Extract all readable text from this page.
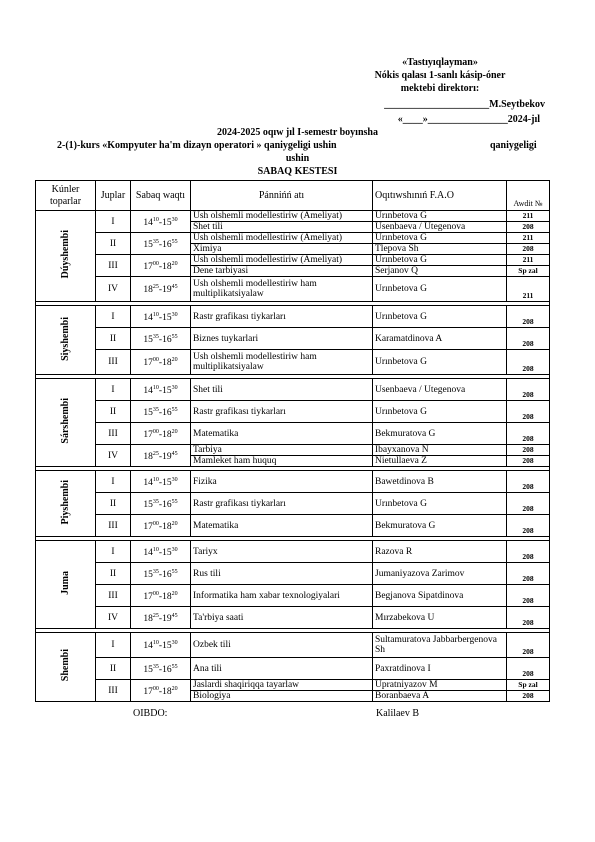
«Tastıyıqlayman»
Nókis qalası 1-sanlı kásip-óner
mektebi direktorı:
_____________________M.Seytbekov
«____»________________2024-jıl
2024-2025 oqıw jıl I-semestr boyınsha
2-(1)-kurs «Kompyuter ha'm dizayn operatori » qaniygeligi ushin	qaniygeligi
ushin
SABAQ KESTESI
Kúnler toparlar	Juplar	Sabaq waqtı	Pánnińń atı	Oqıtıwshınıń F.A.O	Awdit №
Dúyshembi	I	$14^{10}-15^{30}$	Ush olshemli modellestiriw (Ameliyat)	Urınbetova G	211
			Shet tili	Usenbaeva / Utegenova	208
	II	$15^{35}-16^{55}$	Ush olshemli modellestiriw (Ameliyat)	Urınbetova G	211
			Ximiya	Tlepova Sh	208
	III	$17^{00}-18^{20}$	Ush olshemli modellestiriw (Ameliyat)	Urınbetova G	211
			Dene tarbiyasi	Serjanov Q	Sp zal
	IV	$18^{25}-19^{45}$	Ush olshemli modellestiriw ham multiplikatsiyalaw	Urınbetova G	211

Siyshembi	I	$14^{10}-15^{30}$	Rastr grafikası tiykarları	Urınbetova G	208
	II	$15^{35}-16^{55}$	Biznes tuykarlari	Karamatdinova A	208
	III	$17^{00}-18^{20}$	Ush olshemli modellestiriw ham multiplikatsiyalaw	Urınbetova G	208

Sárshembi	I	$14^{10}-15^{30}$	Shet tili	Usenbaeva / Utegenova	208
	II	$15^{35}-16^{55}$	Rastr grafikası tiykarları	Urınbetova G	208
	III	$17^{00}-18^{20}$	Matematika	Bekmuratova G	208
	IV	$18^{25}-19^{45}$	Tarbiya	Ibayxanova N	208
			Mamleket ham huquq	Nietullaeva Z	208

Piyshembi	I	$14^{10}-15^{30}$	Fizika	Bawetdinova B	208
	II	$15^{35}-16^{55}$	Rastr grafikası tiykarları	Urınbetova G	208
	III	$17^{00}-18^{20}$	Matematika	Bekmuratova G	208

Juma	I	$14^{10}-15^{30}$	Tariyx	Razova R	208
	II	$15^{35}-16^{55}$	Rus tili	Jumaniyazova Zarimov	208
	III	$17^{00}-18^{20}$	Informatika ham xabar texnologiyalari	Begjanova Sipatdinova	208
	IV	$18^{25}-19^{45}$	Ta'rbiya saati	Mırzabekova U	208

Shembi	I	$14^{10}-15^{30}$	Ozbek tili	Sultamuratova Jabbarbergenova Sh	208
	II	$15^{35}-16^{55}$	Ana tili	Paxratdinova I	208
	III	$17^{00}-18^{20}$	Jaslardi shaqiriqqa tayarlaw	Upratniyazov M	Sp zal
			Biologiya	Boranbaeva A	208
OIBDO:	Kalilaev B
